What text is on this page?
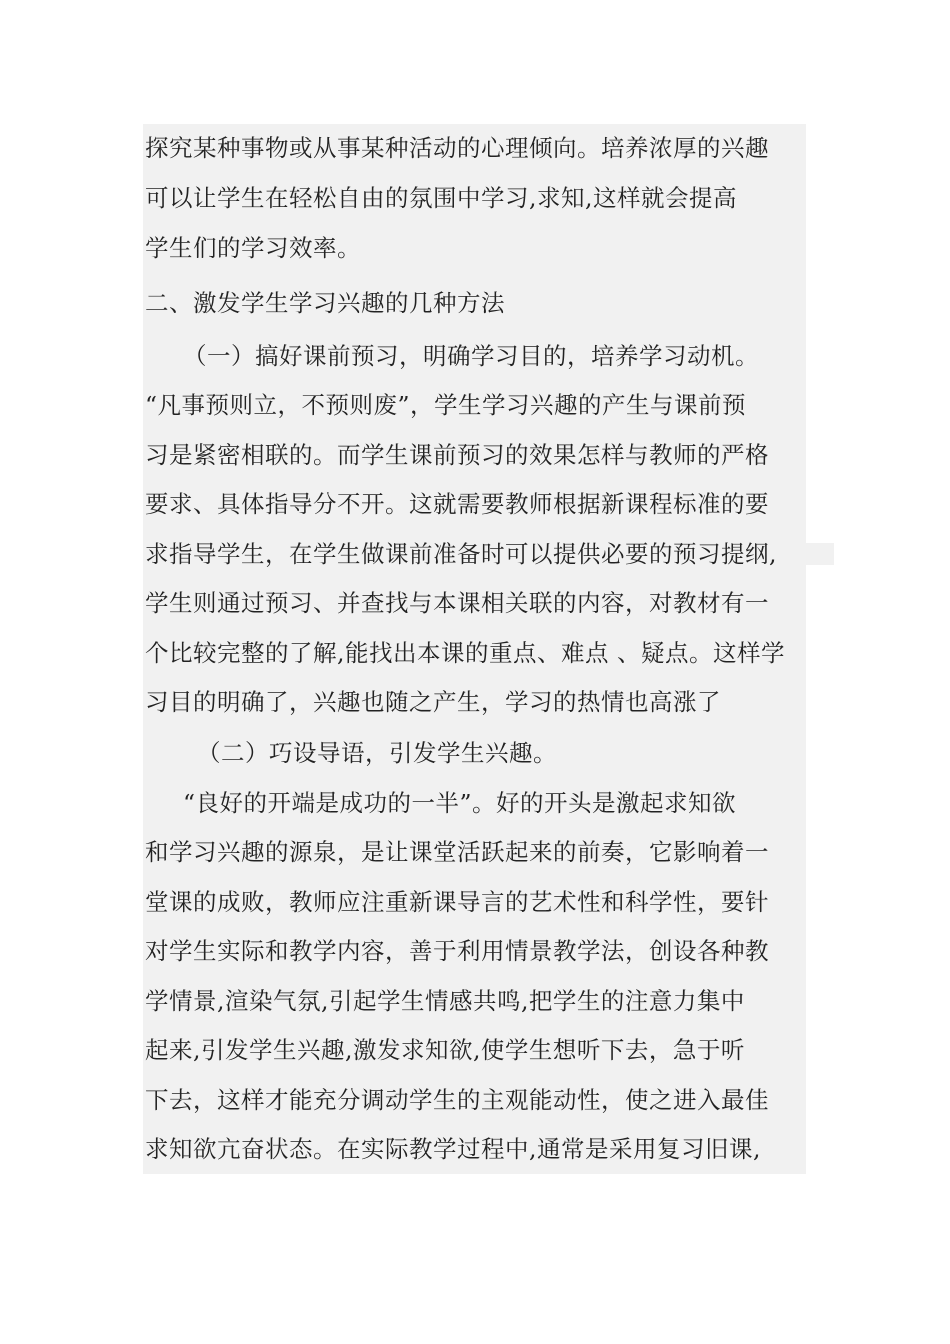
探究某种事物或从事某种活动的心理倾向。培养浓厚的兴趣
可以让学生在轻松自由的氛围中学习,求知,这样就会提高
学生们的学习效率。
二、激发学生学习兴趣的几种方法
（一）搞好课前预习，明确学习目的，培养学习动机。
“凡事预则立，不预则废”，学生学习兴趣的产生与课前预
习是紧密相联的。而学生课前预习的效果怎样与教师的严格
要求、具体指导分不开。这就需要教师根据新课程标准的要
求指导学生，在学生做课前准备时可以提供必要的预习提纲,
学生则通过预习、并查找与本课相关联的内容，对教材有一
个比较完整的了解,能找出本课的重点、难点 、疑点。这样学
习目的明确了，兴趣也随之产生，学习的热情也高涨了
（二）巧设导语，引发学生兴趣。
“良好的开端是成功的一半”。好的开头是激起求知欲
和学习兴趣的源泉，是让课堂活跃起来的前奏，它影响着一
堂课的成败，教师应注重新课导言的艺术性和科学性，要针
对学生实际和教学内容，善于利用情景教学法，创设各种教
学情景,渲染气氛,引起学生情感共鸣,把学生的注意力集中
起来,引发学生兴趣,激发求知欲,使学生想听下去，急于听
下去，这样才能充分调动学生的主观能动性，使之进入最佳
求知欲亢奋状态。在实际教学过程中,通常是采用复习旧课,
